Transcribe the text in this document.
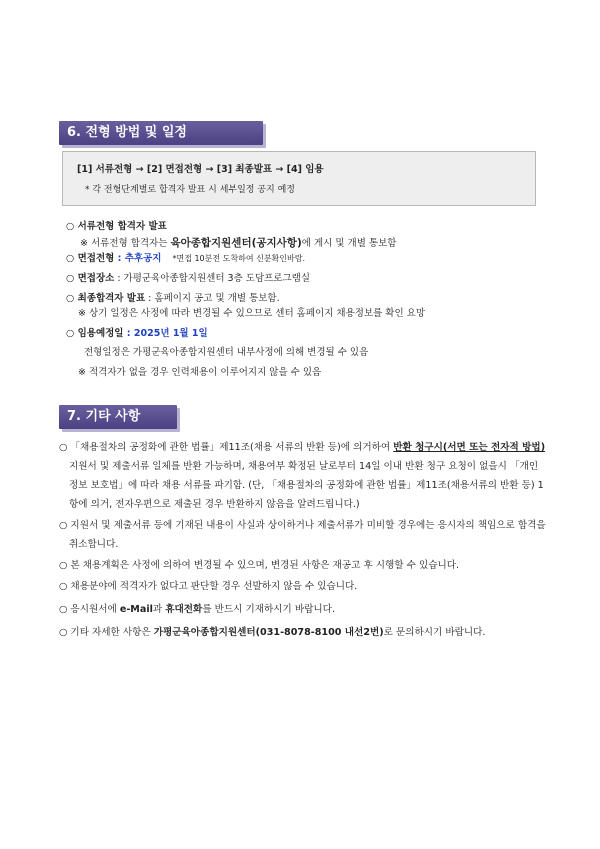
6. 전형 방법 및 일정
[1] 서류전형 → [2] 면접전형 → [3] 최종발표 → [4] 임용
* 각 전형단계별로 합격자 발표 시 세부일정 공지 예정
○ 서류전형 합격자 발표
※ 서류전형 합격자는 육아종합지원센터(공지사항)에 게시 및 개별 통보함
○ 면접전형 : 추후공지 *면접 10분전 도착하여 신분확인바람.
○ 면접장소 : 가평군육아종합지원센터 3층 도담프로그램실
○ 최종합격자 발표 : 홈페이지 공고 및 개별 통보함.
※ 상기 일정은 사정에 따라 변경될 수 있으므로 센터 홈페이지 채용정보를 확인 요망
○ 임용예정일 : 2025년 1월 1일
전형일정은 가평군육아종합지원센터 내부사정에 의해 변경될 수 있음
※ 적격자가 없을 경우 인력채용이 이루어지지 않을 수 있음
7. 기타 사항

○ 「채용절차의 공정화에 관한 법률」제11조(채용 서류의 반환 등)에 의거하여 반환 청구시(서면 또는 전자적 방법) 지원서 및 제출서류 일체를 반환 가능하며, 채용여부 확정된 날로부터 14일 이내 반환 청구 요청이 없을시 「개인정보 보호법」에 따라 채용 서류를 파기함. (단, 「채용절차의 공정화에 관한 법률」제11조(채용서류의 반환 등) 1항에 의거, 전자우편으로 제출된 경우 반환하지 않음을 알려드립니다.)

○ 지원서 및 제출서류 등에 기재된 내용이 사실과 상이하거나 제출서류가 미비할 경우에는 응시자의 책임으로 합격을 취소합니다.

○ 본 채용계획은 사정에 의하여 변경될 수 있으며, 변경된 사항은 재공고 후 시행할 수 있습니다.

○ 채용분야에 적격자가 없다고 판단할 경우 선발하지 않을 수 있습니다.

○ 응시원서에 e-Mail과 휴대전화를 반드시 기재하시기 바랍니다.

○ 기타 자세한 사항은 가평군육아종합지원센터(031-8078-8100 내선2번)로 문의하시기 바랍니다.
